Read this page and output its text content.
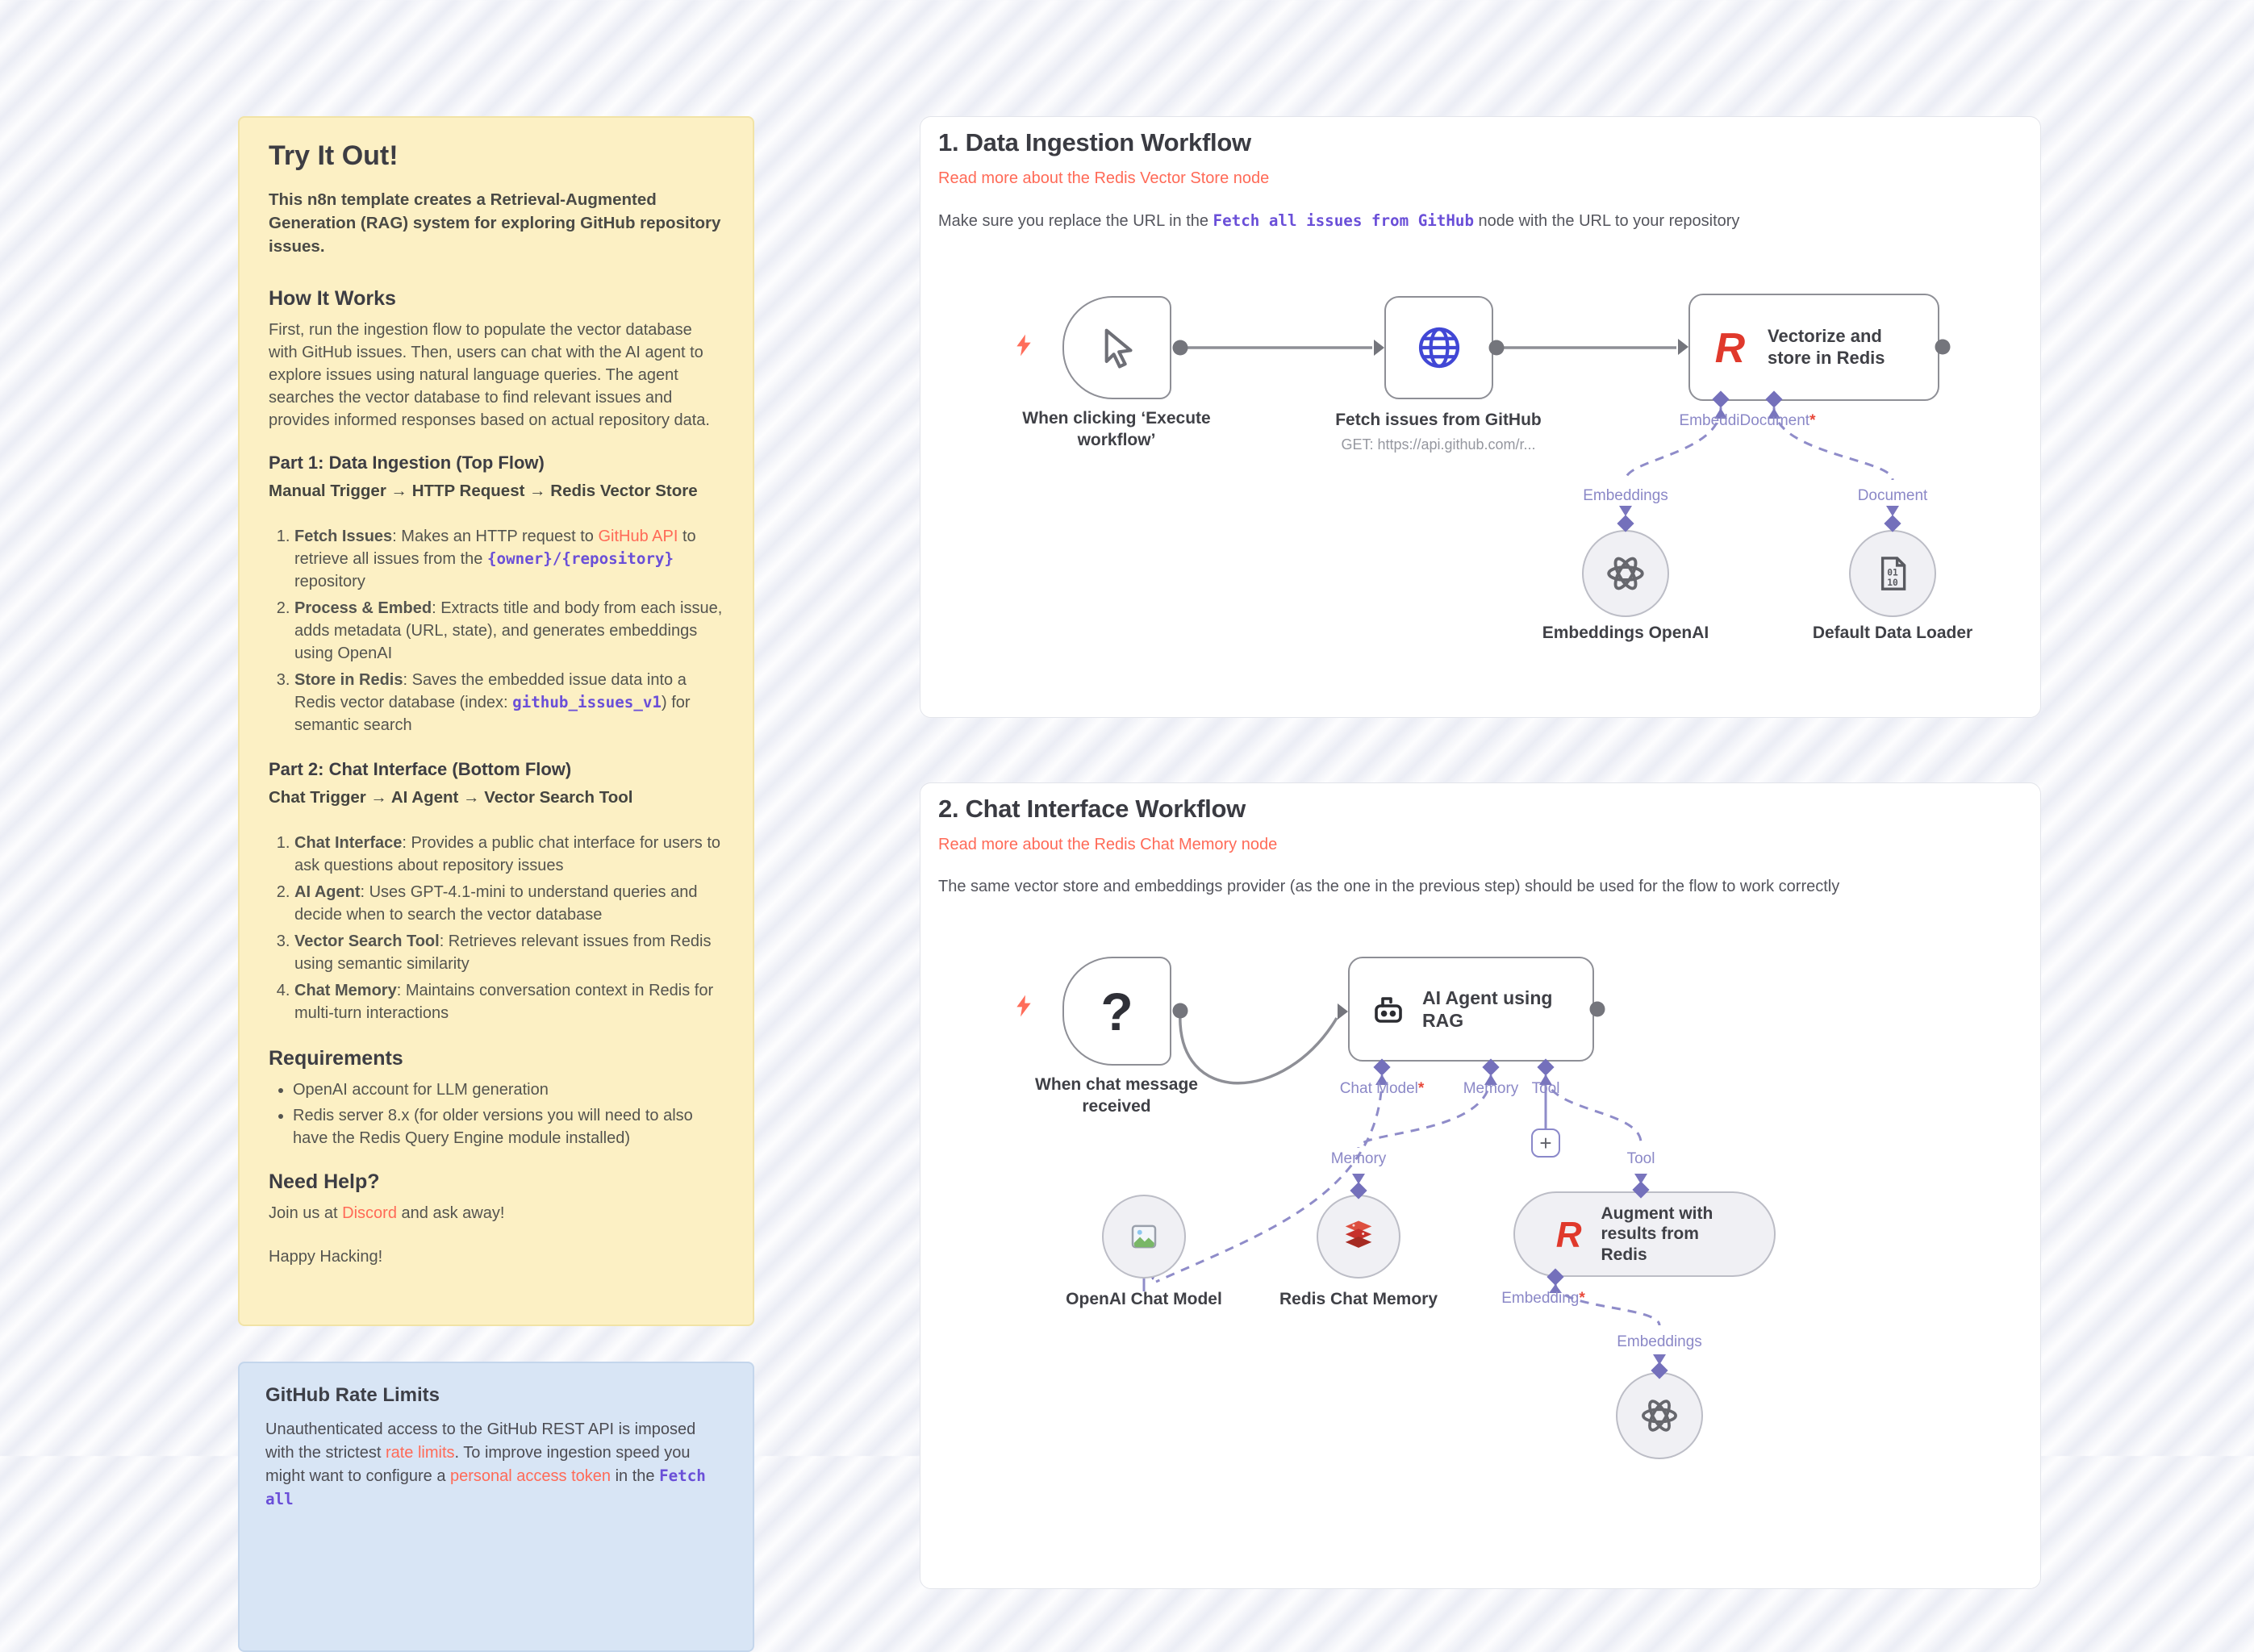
Try It Out!

This n8n template creates a Retrieval-Augmented Generation (RAG) system for exploring GitHub repository issues.

How It Works

First, run the ingestion flow to populate the vector database with GitHub issues. Then, users can chat with the AI agent to explore issues using natural language queries. The agent searches the vector database to find relevant issues and provides informed responses based on actual repository data.

Part 1: Data Ingestion (Top Flow)

Manual Trigger → HTTP Request → Redis Vector Store

1. Fetch Issues: Makes an HTTP request to GitHub API to retrieve all issues from the {owner}/{repository} repository
2. Process & Embed: Extracts title and body from each issue, adds metadata (URL, state), and generates embeddings using OpenAI
3. Store in Redis: Saves the embedded issue data into a Redis vector database (index: github_issues_v1) for semantic search
Part 2: Chat Interface (Bottom Flow)

Chat Trigger → AI Agent → Vector Search Tool

1. Chat Interface: Provides a public chat interface for users to ask questions about repository issues
2. AI Agent: Uses GPT-4.1-mini to understand queries and decide when to search the vector database
3. Vector Search Tool: Retrieves relevant issues from Redis using semantic similarity
4. Chat Memory: Maintains conversation context in Redis for multi-turn interactions
Requirements
• OpenAI account for LLM generation
• Redis server 8.x (for older versions you will need to also have the Redis Query Engine module installed)
Need Help?

Join us at Discord and ask away!

Happy Hacking!

GitHub Rate Limits

Unauthenticated access to the GitHub REST API is imposed with the strictest rate limits. To improve ingestion speed you might want to configure a personal access token in the Fetch all

1. Data Ingestion Workflow

Read more about the Redis Vector Store node

Make sure you replace the URL in the Fetch all issues from GitHub node with the URL to your repository

When clicking ‘Execute workflow’
Fetch issues from GitHub
GET: https://api.github.com/r...
R Vectorize and store in Redis
EmbeddiDocument*
Embeddings
Embeddings OpenAI
Document
01
10
Default Data Loader
2. Chat Interface Workflow

Read more about the Redis Chat Memory node

The same vector store and embeddings provider (as the one in the previous step) should be used for the flow to work correctly

?
When chat message received
AI Agent using RAG
Chat Model*	Memory Tool
+
OpenAI Chat Model
Memory
Redis Chat Memory
Tool
R
Augment with results from Redis
Embedding*
Embeddings
